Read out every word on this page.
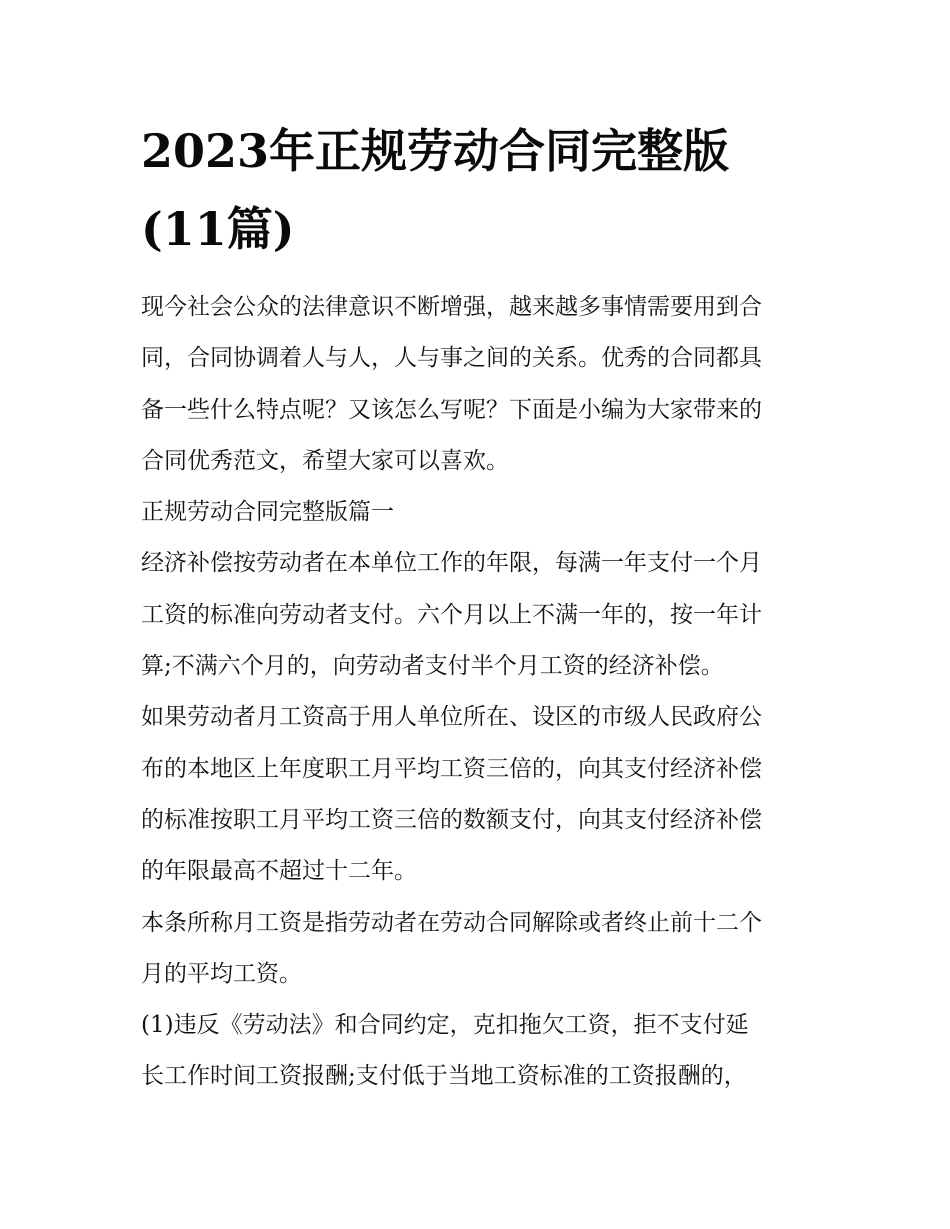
2023年正规劳动合同完整版
(11篇)
现今社会公众的法律意识不断增强，越来越多事情需要用到合
同，合同协调着人与人，人与事之间的关系。优秀的合同都具
备一些什么特点呢？又该怎么写呢？下面是小编为大家带来的
合同优秀范文，希望大家可以喜欢。
正规劳动合同完整版篇一
经济补偿按劳动者在本单位工作的年限，每满一年支付一个月
工资的标准向劳动者支付。六个月以上不满一年的，按一年计
算;不满六个月的，向劳动者支付半个月工资的经济补偿。
如果劳动者月工资高于用人单位所在、设区的市级人民政府公
布的本地区上年度职工月平均工资三倍的，向其支付经济补偿
的标准按职工月平均工资三倍的数额支付，向其支付经济补偿
的年限最高不超过十二年。
本条所称月工资是指劳动者在劳动合同解除或者终止前十二个
月的平均工资。
(1)违反《劳动法》和合同约定，克扣拖欠工资，拒不支付延
长工作时间工资报酬;支付低于当地工资标准的工资报酬的，
